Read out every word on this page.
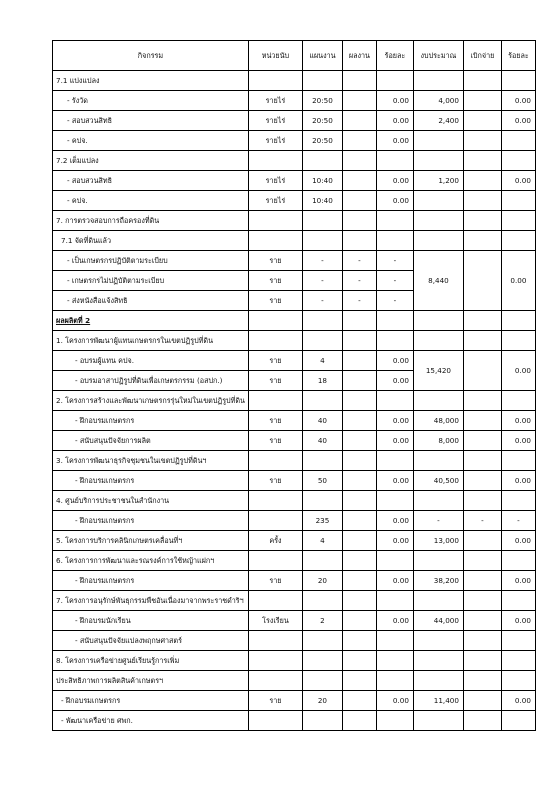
กิจกรรม	หน่วยนับ	แผนงาน	ผลงาน	ร้อยละ	งบประมาณ	เบิกจ่าย	ร้อยละ
7.1 แบ่งแปลง							
- รังวัด	รายไร่	20:50		0.00	4,000		0.00
- สอบสวนสิทธิ	รายไร่	20:50		0.00	2,400		0.00
- คปจ.	รายไร่	20:50		0.00			
7.2 เต็มแปลง							
- สอบสวนสิทธิ	รายไร่	10:40		0.00	1,200		0.00
- คปจ.	รายไร่	10:40		0.00			
7. การตรวจสอบการถือครองที่ดิน							
7.1 จัดที่ดินแล้ว							
- เป็นเกษตรกรปฏิบัติตามระเบียบ	ราย	-	-	-	8,440		0.00
- เกษตรกรไม่ปฏิบัติตามระเบียบ	ราย	-	-	-			
- ส่งหนังสือแจ้งสิทธิ	ราย	-	-	-			
ผลผลิตที่ 2							
1. โครงการพัฒนาผู้แทนเกษตรกรในเขตปฏิรูปที่ดิน							
- อบรมผู้แทน คปจ.	ราย	4		0.00	15,420		0.00
- อบรมอาสาปฏิรูปที่ดินเพื่อเกษตรกรรม (อสปก.)	ราย	18		0.00			
2. โครงการสร้างและพัฒนาเกษตรกรรุ่นใหม่ในเขตปฏิรูปที่ดิน							
- ฝึกอบรมเกษตรกร	ราย	40		0.00	48,000		0.00
- สนับสนุนปัจจัยการผลิต	ราย	40		0.00	8,000		0.00
3. โครงการพัฒนาธุรกิจชุมชนในเขตปฏิรูปที่ดินฯ							
- ฝึกอบรมเกษตรกร	ราย	50		0.00	40,500		0.00
4. ศูนย์บริการประชาชนในสำนักงาน							
- ฝึกอบรมเกษตรกร		235		0.00	-	-	-
5. โครงการบริการคลินิกเกษตรเคลื่อนที่ฯ	ครั้ง	4		0.00	13,000		0.00
6. โครงการการพัฒนาและรณรงค์การใช้หญ้าแฝกฯ							
- ฝึกอบรมเกษตรกร	ราย	20		0.00	38,200		0.00
7. โครงการอนุรักษ์พันธุกรรมพืชอันเนื่องมาจากพระราชดำริฯ							
- ฝึกอบรมนักเรียน	โรงเรียน	2		0.00	44,000		0.00
- สนับสนุนปัจจัยแปลงพฤกษศาสตร์							
8. โครงการเครือข่ายศูนย์เรียนรู้การเพิ่ม							
ประสิทธิภาพการผลิตสินค้าเกษตรฯ							
- ฝึกอบรมเกษตรกร	ราย	20		0.00	11,400		0.00
- พัฒนาเครือข่าย ศพก.							
